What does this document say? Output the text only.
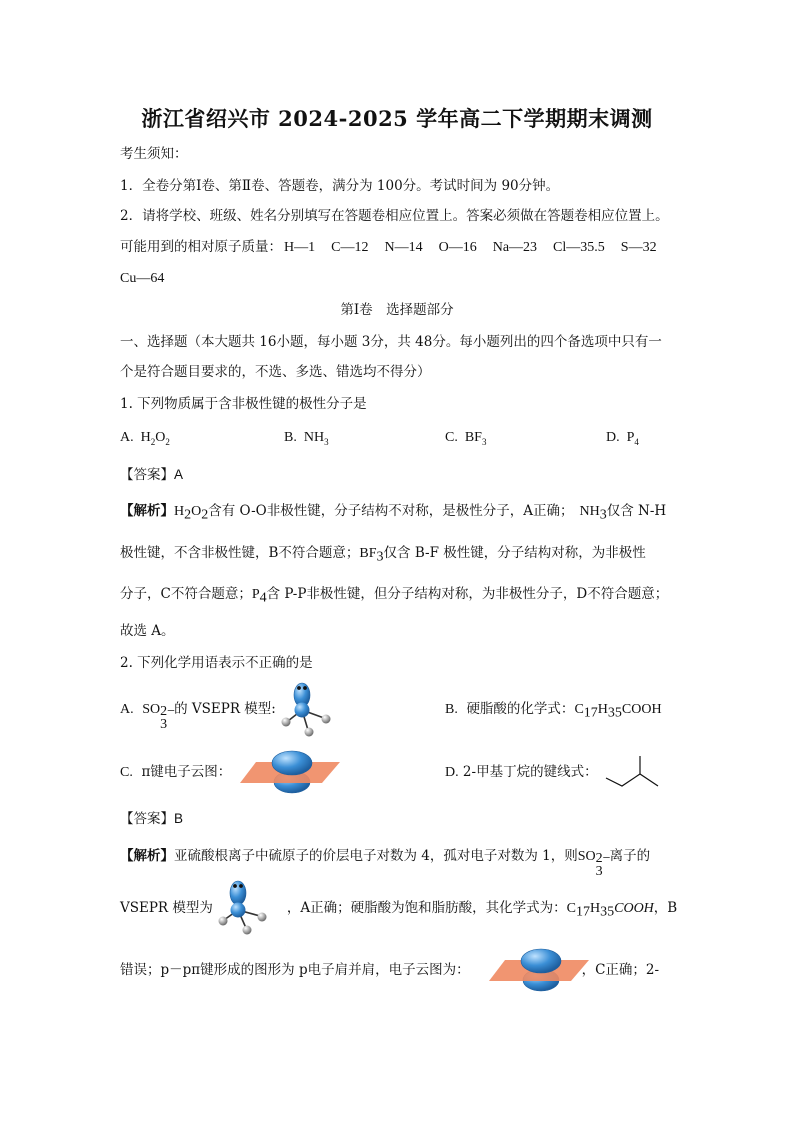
浙江省绍兴市 2024-2025 学年高二下学期期末调测
考生须知：
1．全卷分第Ⅰ卷、第Ⅱ卷、答题卷，满分为 100分。考试时间为 90分钟。
2．请将学校、班级、姓名分别填写在答题卷相应位置上。答案必须做在答题卷相应位置上。
可能用到的相对原子质量： H—1 C—12 N—14 O—16 Na—23 Cl—35.5 S—32
Cu—64
第Ⅰ卷　选择题部分
一、选择题（本大题共 16小题，每小题 3分，共 48分。每小题列出的四个备选项中只有一
个是符合题目要求的，不选、多选、错选均不得分）
1. 下列物质属于含非极性键的极性分子是
A. $H_2O_2$	B. $NH_3$	C. $BF_3$	D. $P_4$
【答案】A
【解析】$H_2O_2$含有 O-O非极性键，分子结构不对称，是极性分子，A正确； $NH_3$仅含 N-H
极性键，不含非极性键，B不符合题意；$BF_3$仅含 B-F 极性键，分子结构对称，为非极性
分子，C不符合题意；$P_4$含 P-P非极性键，但分子结构对称，为非极性分子，D不符合题意；
故选 A。
2. 下列化学用语表示不正确的是
A. SO 2−
3
的 VSEPR 模型:	B. 硬脂酸的化学式：$C_{17}H_{35}COOH$
C. π键电子云图：	D. 2-甲基丁烷的键线式：
【答案】B
【解析】亚硫酸根离子中硫原子的价层电子对数为 4，孤对电子对数为 1，则SO 2−
3
离子的
VSEPR 模型为	，A正确；硬脂酸为饱和脂肪酸，其化学式为：$C_{17}H_{35}COOH$，B
错误；p－pπ键形成的图形为 p电子肩并肩，电子云图为：	，C正确；2-
